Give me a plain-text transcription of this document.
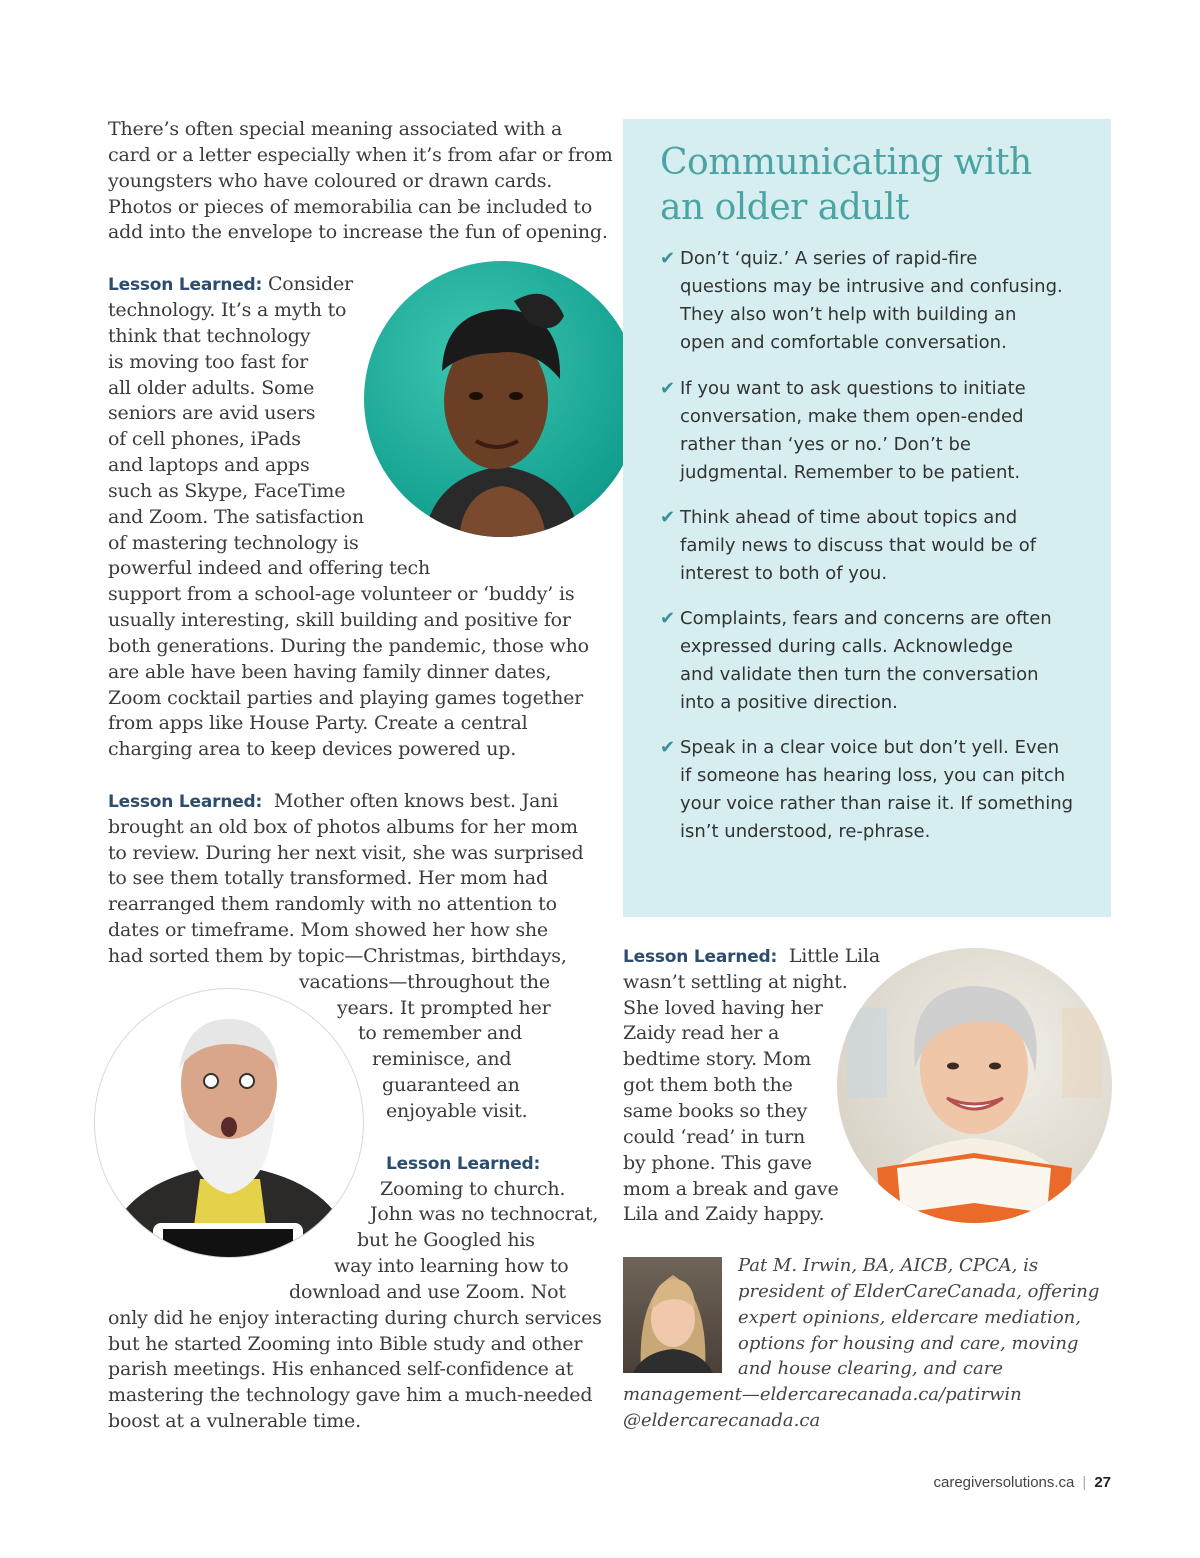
There’s often special meaning associated with a
card or a letter especially when it’s from afar or from
youngsters who have coloured or drawn cards.
Photos or pieces of memorabilia can be included to
add into the envelope to increase the fun of opening.
Lesson Learned: Consider
technology. It’s a myth to
think that technology
is moving too fast for
all older adults. Some
seniors are avid users
of cell phones, iPads
and laptops and apps
such as Skype, FaceTime
and Zoom. The satisfaction
of mastering technology is
powerful indeed and offering tech
support from a school-age volunteer or ‘buddy’ is
usually interesting, skill building and positive for
both generations. During the pandemic, those who
are able have been having family dinner dates,
Zoom cocktail parties and playing games together
from apps like House Party. Create a central
charging area to keep devices powered up.
Lesson Learned: Mother often knows best. Jani
brought an old box of photos albums for her mom
to review. During her next visit, she was surprised
to see them totally transformed. Her mom had
rearranged them randomly with no attention to
dates or timeframe. Mom showed her how she
had sorted them by topic—Christmas, birthdays,
vacations—throughout the
years. It prompted her
to remember and
reminisce, and
guaranteed an
enjoyable visit.
Lesson Learned:
Zooming to church.
John was no technocrat,
but he Googled his
way into learning how to
download and use Zoom. Not
only did he enjoy interacting during church services
but he started Zooming into Bible study and other
parish meetings. His enhanced self-confidence at
mastering the technology gave him a much-needed
boost at a vulnerable time.
Communicating with
an older adult
✔ Don’t ‘quiz.’ A series of rapid-fire
questions may be intrusive and confusing.
They also won’t help with building an
open and comfortable conversation.
✔ If you want to ask questions to initiate
conversation, make them open-ended
rather than ‘yes or no.’ Don’t be
judgmental. Remember to be patient.
✔ Think ahead of time about topics and
family news to discuss that would be of
interest to both of you.
✔ Complaints, fears and concerns are often
expressed during calls. Acknowledge
and validate then turn the conversation
into a positive direction.
✔ Speak in a clear voice but don’t yell. Even
if someone has hearing loss, you can pitch
your voice rather than raise it. If something
isn’t understood, re-phrase.
Lesson Learned: Little Lila
wasn’t settling at night.
She loved having her
Zaidy read her a
bedtime story. Mom
got them both the
same books so they
could ‘read’ in turn
by phone. This gave
mom a break and gave
Lila and Zaidy happy.
Pat M. Irwin, BA, AICB, CPCA, is
president of ElderCareCanada, offering
expert opinions, eldercare mediation,
options for housing and care, moving
and house clearing, and care
management—eldercarecanada.ca/patirwin
@eldercarecanada.ca
caregiversolutions.ca | 27
